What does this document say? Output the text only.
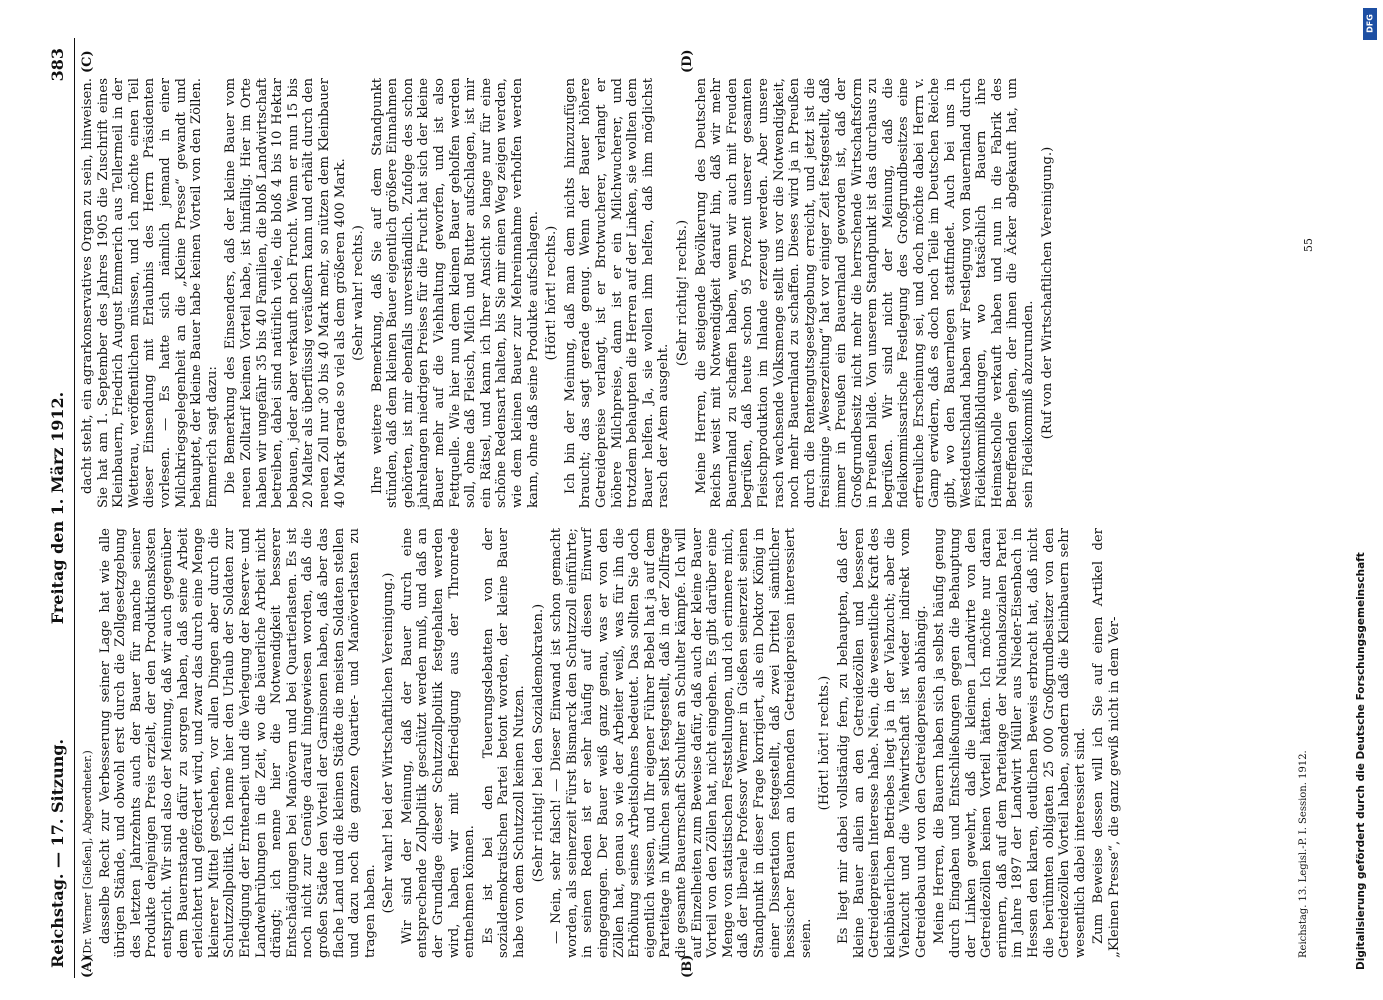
Reichstag. — 17. Sitzung.
Freitag den 1. März 1912.
383
(Dr. Werner [Gießen], Abgeordneter.) dasselbe Recht zur Verbesserung seiner Lage hat wie alle übrigen Stände, und obwohl erst durch die Zollgesetzgebung des letzten Jahrzehnts auch der Bauer für manche seiner Produkte denjenigen Preis erzielt, der den Produktionskosten entspricht. Wir sind also der Meinung, daß wir auch gegenüber dem Bauernstande dafür zu sorgen haben, daß seine Arbeit erleichtert und gefördert wird, und zwar das durch eine Menge kleinerer Mittel geschehen, vor allen Dingen aber durch die Schutzzollpolitik. Ich nenne hier den Urlaub der Soldaten zur Erledigung der Erntearbeit und die Verlegung der Reserve- und Landwehrübungen in die Zeit, wo die bäuerliche Arbeit nicht drängt; ich nenne hier die Notwendigkeit besserer Entschädigungen bei Manövern und bei Quartierlasten. Es ist noch nicht zur Genüge darauf hingewiesen worden, daß die großen Städte den Vorteil der Garnisonen haben, daß aber das flache Land und die kleinen Städte die meisten Soldaten stellen und dazu noch die ganzen Quartier- und Manöverlasten zu tragen haben. (Sehr wahr! bei der Wirtschaftlichen Vereinigung.) Wir sind der Meinung, daß der Bauer durch eine entsprechende Zollpolitik geschützt werden muß, und daß an der Grundlage dieser Schutzzollpolitik festgehalten werden wird, haben wir mit Befriedigung aus der Thronrede entnehmen können. Es ist bei den Teuerungsdebatten von der sozialdemokratischen Partei betont worden, der kleine Bauer habe von dem Schutzzoll keinen Nutzen. (Sehr richtig! bei den Sozialdemokraten.) — Nein, sehr falsch! — Dieser Einwand ist schon gemacht worden, als seinerzeit Fürst Bismarck den Schutzzoll einführte; in seinen Reden ist er sehr häufig auf diesen Einwurf eingegangen. Der Bauer weiß ganz genau, was er von den Zöllen hat, genau so wie der Arbeiter weiß, was für ihn die Erhöhung seines Arbeitslohnes bedeutet. Das sollten Sie doch eigentlich wissen, und Ihr eigener Führer Bebel hat ja auf dem Parteitage in München selbst festgestellt, daß in der Zollfrage die gesamte Bauernschaft Schulter an Schulter kämpfe. Ich will auf Einzelheiten zum Beweise dafür, daß auch der kleine Bauer Vorteil von den Zöllen hat, nicht eingehen. Es gibt darüber eine Menge von statistischen Feststellungen, und ich erinnere mich, daß der liberale Professor Wermer in Gießen seinerzeit seinen Standpunkt in dieser Frage korrigiert, als ein Doktor König in einer Dissertation festgestellt, daß zwei Drittel sämtlicher hessischer Bauern an lohnenden Getreidepreisen interessiert seien.

(Hört! hört! rechts.) Es liegt mir dabei vollständig fern, zu behaupten, daß der kleine Bauer allein an den Getreidezöllen und besseren Getreidepreisen Interesse habe. Nein, die wesentliche Kraft des kleinbäuerlichen Betriebes liegt ja in der Viehzucht; aber die Viehzucht und die Viehwirtschaft ist wieder indirekt vom Getreidebau und von den Getreidepreisen abhängig. Meine Herren, die Bauern haben sich ja selbst häufig genug durch Eingaben und Entschließungen gegen die Behauptung der Linken gewehrt, daß die kleinen Landwirte von den Getreidezöllen keinen Vorteil hätten. Ich möchte nur daran erinnern, daß auf dem Parteitage der Nationalsozialen Partei im Jahre 1897 der Landwirt Müller aus Nieder-Eisenbach in Hessen den klaren, deutlichen Beweis erbracht hat, daß nicht die berühmten obligaten 25 000 Großgrundbesitzer von den Getreidezöllen Vorteil haben, sondern daß die Kleinbauern sehr wesentlich dabei interessiert sind. Zum Beweise dessen will ich Sie auf einen Artikel der „Kleinen Presse“, die ganz gewiß nicht in dem Ver-

dacht steht, ein agrarkonservatives Organ zu sein, hinweisen. Sie hat am 1. September des Jahres 1905 die Zuschrift eines Kleinbauern, Friedrich August Emmerich aus Tellermeil in der Wetterau, veröffentlichen müssen, und ich möchte einen Teil dieser Einsendung mit Erlaubnis des Herrn Präsidenten vorlesen. — Es hatte sich nämlich jemand in einer Milchkriegsgelegenheit an die „Kleine Presse“ gewandt und behauptet, der kleine Bauer habe keinen Vorteil von den Zöllen. Emmerich sagt dazu: Die Bemerkung des Einsenders, daß der kleine Bauer vom neuen Zolltarif keinen Vorteil habe, ist hinfällig. Hier im Orte haben wir ungefähr 35 bis 40 Familien, die bloß Landwirtschaft betreiben, dabei sind natürlich viele, die bloß 4 bis 10 Hektar bebauen, jeder aber verkauft noch Frucht. Wenn er nun 15 bis 20 Malter als überflüssig veräußern kann und erhält durch den neuen Zoll nur 30 bis 40 Mark mehr, so nützen dem Kleinbauer 40 Mark gerade so viel als dem größeren 400 Mark. (Sehr wahr! rechts.) Ihre weitere Bemerkung, daß Sie auf dem Standpunkt stünden, daß dem kleinen Bauer eigentlich größere Einnahmen gehörten, ist mir ebenfalls unverständlich. Zufolge des schon jahrelangen niedrigen Preises für die Frucht hat sich der kleine Bauer mehr auf die Viehhaltung geworfen, und ist also Fettquelle. Wie hier nun dem kleinen Bauer geholfen werden soll, ohne daß Fleisch, Milch und Butter aufschlagen, ist mir ein Rätsel, und kann ich Ihrer Ansicht so lange nur für eine schöne Redensart halten, bis Sie mir einen Weg zeigen werden, wie dem kleinen Bauer zur Mehreinnahme verholfen werden kann, ohne daß seine Produkte aufschlagen. (Hört! hört! rechts.) Ich bin der Meinung, daß man dem nichts hinzuzufügen braucht; das sagt gerade genug. Wenn der Bauer höhere Getreidepreise verlangt, ist er Brotwucherer, verlangt er höhere Milchpreise, dann ist er ein Milchwucherer, und trotzdem behaupten die Herren auf der Linken, sie wollten dem Bauer helfen. Ja, sie wollen ihm helfen, daß ihm möglichst rasch der Atem ausgeht.

(Sehr richtig! rechts.) Meine Herren, die steigende Bevölkerung des Deutschen Reichs weist mit Notwendigkeit darauf hin, daß wir mehr Bauernland zu schaffen haben, wenn wir auch mit Freuden begrüßen, daß heute schon 95 Prozent unserer gesamten Fleischproduktion im Inlande erzeugt werden. Aber unsere rasch wachsende Volksmenge stellt uns vor die Notwendigkeit, noch mehr Bauernland zu schaffen. Dieses wird ja in Preußen durch die Rentengutsgesetzgebung erreicht, und jetzt ist die freisinnige „Weserzeitung“ hat vor einiger Zeit festgestellt, daß immer in Preußen ein Bauernland geworden ist, daß der Großgrundbesitz nicht mehr die herrschende Wirtschaftsform in Preußen bilde. Von unserem Standpunkt ist das durchaus zu begrüßen. Wir sind nicht der Meinung, daß die fideikommissarische Festlegung des Großgrundbesitzes eine erfreuliche Erscheinung sei, und doch möchte dabei Herrn v. Gamp erwidern, daß es doch noch Teile im Deutschen Reiche gibt, wo den Bauernlegen stattfindet. Auch bei uns in Westdeutschland haben wir Festlegung von Bauernland durch Fideikommißbildungen, wo tatsächlich Bauern ihre Heimatscholle verkauft haben und nun in die Fabrik des Betreffenden gehen, der ihnen die Äcker abgekauft hat, um sein Fideikommiß abzurunden. (Ruf von der Wirtschaftlichen Vereinigung.)

(A)	(B)
(C)	(D)
Reichstag. 13. Legisl.-P. I. Session. 1912.
55
Digitalisierung gefördert durch die Deutsche Forschungsgemeinschaft
DFG
